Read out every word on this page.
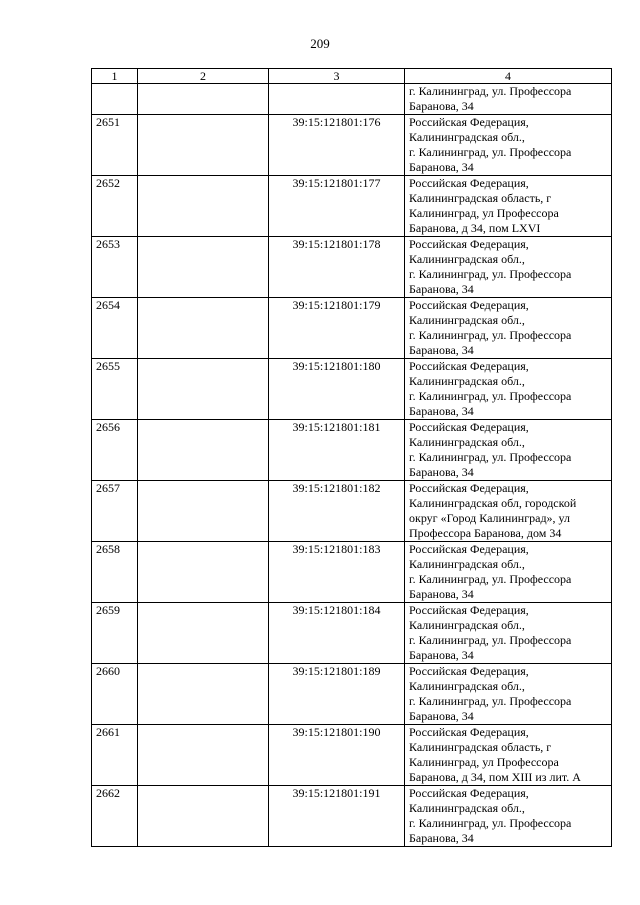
209
1	2	3	4

			г. Калининград, ул. Профессора
Баранова, 34

2651		39:15:121801:176	Российская Федерация,
Калининградская обл.,
г. Калининград, ул. Профессора
Баранова, 34

2652		39:15:121801:177	Российская Федерация,
Калининградская область, г
Калининград, ул Профессора
Баранова, д 34, пом LXVI

2653		39:15:121801:178	Российская Федерация,
Калининградская обл.,
г. Калининград, ул. Профессора
Баранова, 34

2654		39:15:121801:179	Российская Федерация,
Калининградская обл.,
г. Калининград, ул. Профессора
Баранова, 34

2655		39:15:121801:180	Российская Федерация,
Калининградская обл.,
г. Калининград, ул. Профессора
Баранова, 34

2656		39:15:121801:181	Российская Федерация,
Калининградская обл.,
г. Калининград, ул. Профессора
Баранова, 34

2657		39:15:121801:182	Российская Федерация,
Калининградская обл, городской
округ «Город Калининград», ул
Профессора Баранова, дом 34

2658		39:15:121801:183	Российская Федерация,
Калининградская обл.,
г. Калининград, ул. Профессора
Баранова, 34

2659		39:15:121801:184	Российская Федерация,
Калининградская обл.,
г. Калининград, ул. Профессора
Баранова, 34

2660		39:15:121801:189	Российская Федерация,
Калининградская обл.,
г. Калининград, ул. Профессора
Баранова, 34

2661		39:15:121801:190	Российская Федерация,
Калининградская область, г
Калининград, ул Профессора
Баранова, д 34, пом XIII из лит. А

2662		39:15:121801:191	Российская Федерация,
Калининградская обл.,
г. Калининград, ул. Профессора
Баранова, 34
